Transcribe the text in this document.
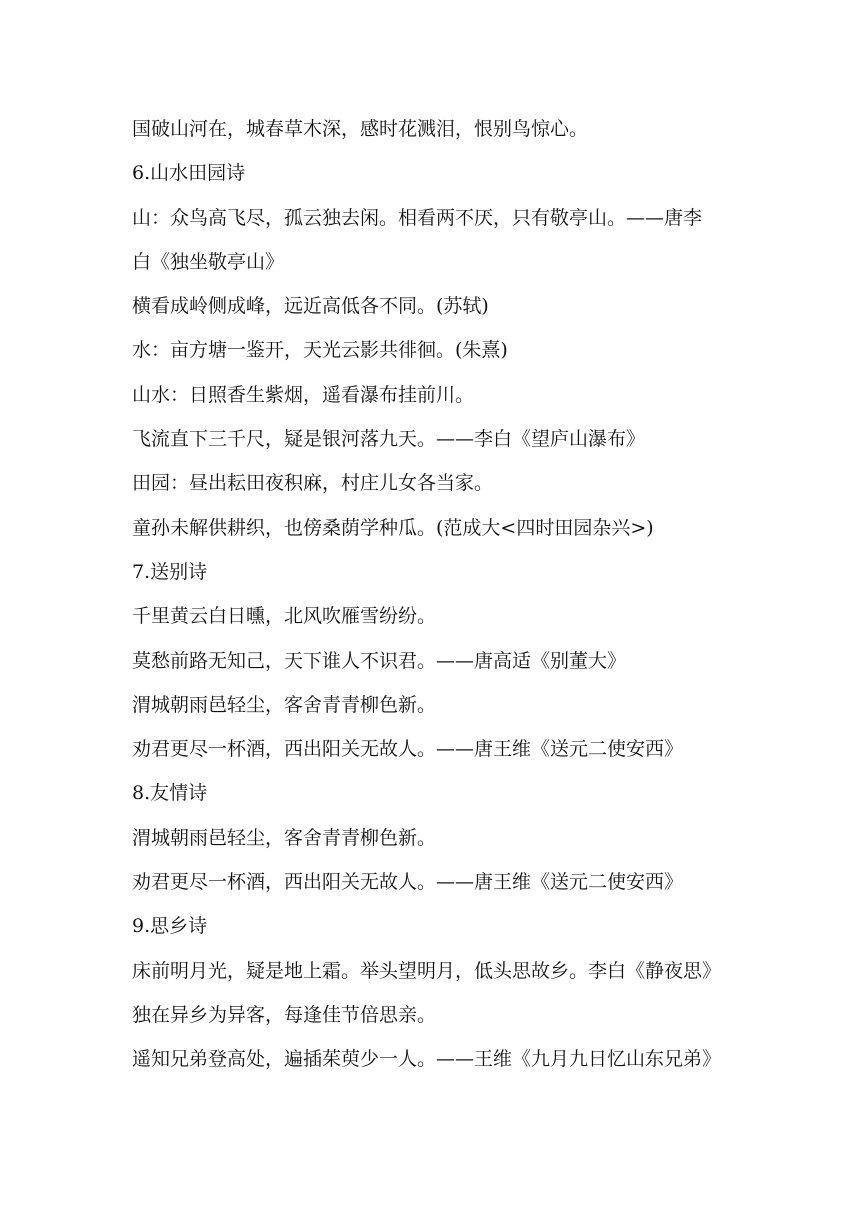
国破山河在，城春草木深，感时花溅泪，恨别鸟惊心。
6.山水田园诗
山：众鸟高飞尽，孤云独去闲。相看两不厌，只有敬亭山。——唐李
白《独坐敬亭山》
横看成岭侧成峰，远近高低各不同。(苏轼)
水：亩方塘一鉴开，天光云影共徘徊。(朱熹)
山水：日照香生紫烟，遥看瀑布挂前川。
飞流直下三千尺，疑是银河落九天。——李白《望庐山瀑布》
田园：昼出耘田夜积麻，村庄儿女各当家。
童孙未解供耕织，也傍桑荫学种瓜。(范成大<四时田园杂兴>)
7.送别诗
千里黄云白日曛，北风吹雁雪纷纷。
莫愁前路无知己，天下谁人不识君。——唐高适《别董大》
渭城朝雨邑轻尘，客舍青青柳色新。
劝君更尽一杯酒，西出阳关无故人。——唐王维《送元二使安西》
8.友情诗
渭城朝雨邑轻尘，客舍青青柳色新。
劝君更尽一杯酒，西出阳关无故人。——唐王维《送元二使安西》
9.思乡诗
床前明月光，疑是地上霜。举头望明月，低头思故乡。李白《静夜思》
独在异乡为异客，每逢佳节倍思亲。
遥知兄弟登高处，遍插茱萸少一人。——王维《九月九日忆山东兄弟》
